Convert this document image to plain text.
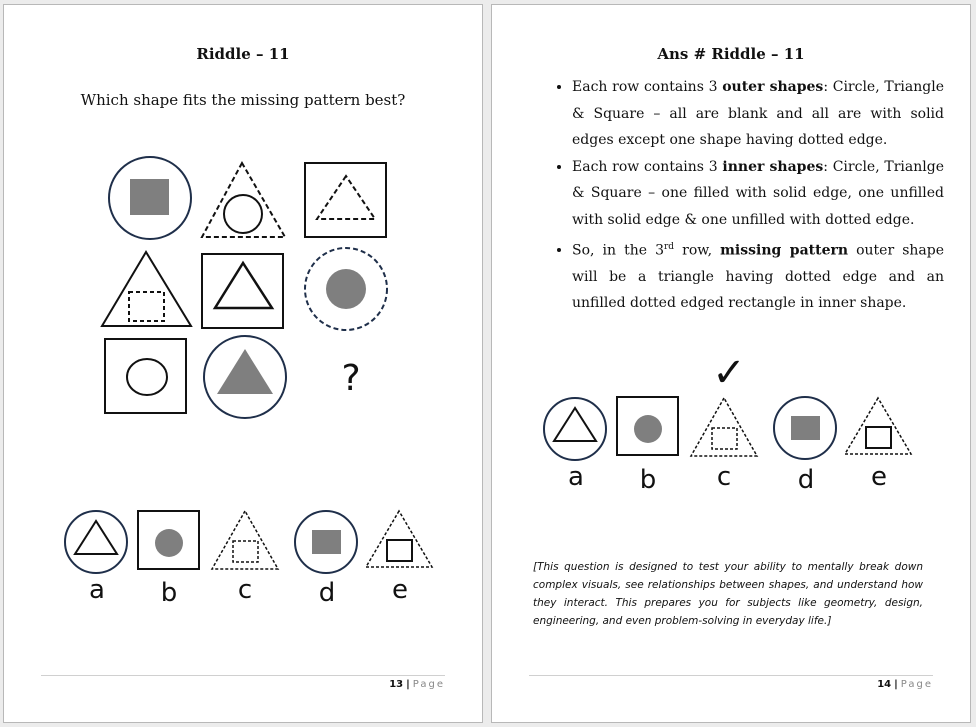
Riddle – 11
Which shape fits the missing pattern best?
?
a b c	d e
13 | Page
Ans # Riddle – 11
• Each row contains 3 outer shapes: Circle, Triangle & Square – all are blank and all are with solid edges except one shape having dotted edge.
• Each row contains 3 inner shapes: Circle, Trianlge & Square – one filled with solid edge, one unfilled with solid edge & one unfilled with dotted edge.
• So, in the 3rd row, missing pattern outer shape will be a triangle having dotted edge and an unfilled dotted edged rectangle in inner shape.
✓
a b c	d e
[This question is designed to test your ability to mentally break down complex visuals, see relationships between shapes, and understand how they interact. This prepares you for subjects like geometry, design, engineering, and even problem-solving in everyday life.]
14 | Page
